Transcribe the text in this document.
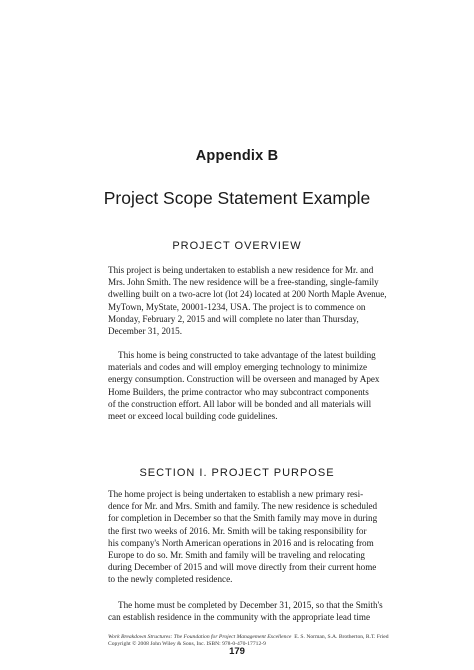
Appendix B
Project Scope Statement Example
PROJECT OVERVIEW

This project is being undertaken to establish a new residence for Mr. and
Mrs. John Smith. The new residence will be a free-standing, single-family
dwelling built on a two-acre lot (lot 24) located at 200 North Maple Avenue,
MyTown, MyState, 20001-1234, USA. The project is to commence on
Monday, February 2, 2015 and will complete no later than Thursday,
December 31, 2015.

This home is being constructed to take advantage of the latest building
materials and codes and will employ emerging technology to minimize
energy consumption. Construction will be overseen and managed by Apex
Home Builders, the prime contractor who may subcontract components
of the construction effort. All labor will be bonded and all materials will
meet or exceed local building code guidelines.

SECTION I. PROJECT PURPOSE

The home project is being undertaken to establish a new primary resi-
dence for Mr. and Mrs. Smith and family. The new residence is scheduled
for completion in December so that the Smith family may move in during
the first two weeks of 2016. Mr. Smith will be taking responsibility for
his company's North American operations in 2016 and is relocating from
Europe to do so. Mr. Smith and family will be traveling and relocating
during December of 2015 and will move directly from their current home
to the newly completed residence.

The home must be completed by December 31, 2015, so that the Smith's
can establish residence in the community with the appropriate lead time

Work Breakdown Structures: The Foundation for Project Management Excellence E. S. Norman, S.A. Brotherton, R.T. Fried
Copyright © 2008 John Wiley & Sons, Inc. ISBN: 978-0-470-17712-9
179
